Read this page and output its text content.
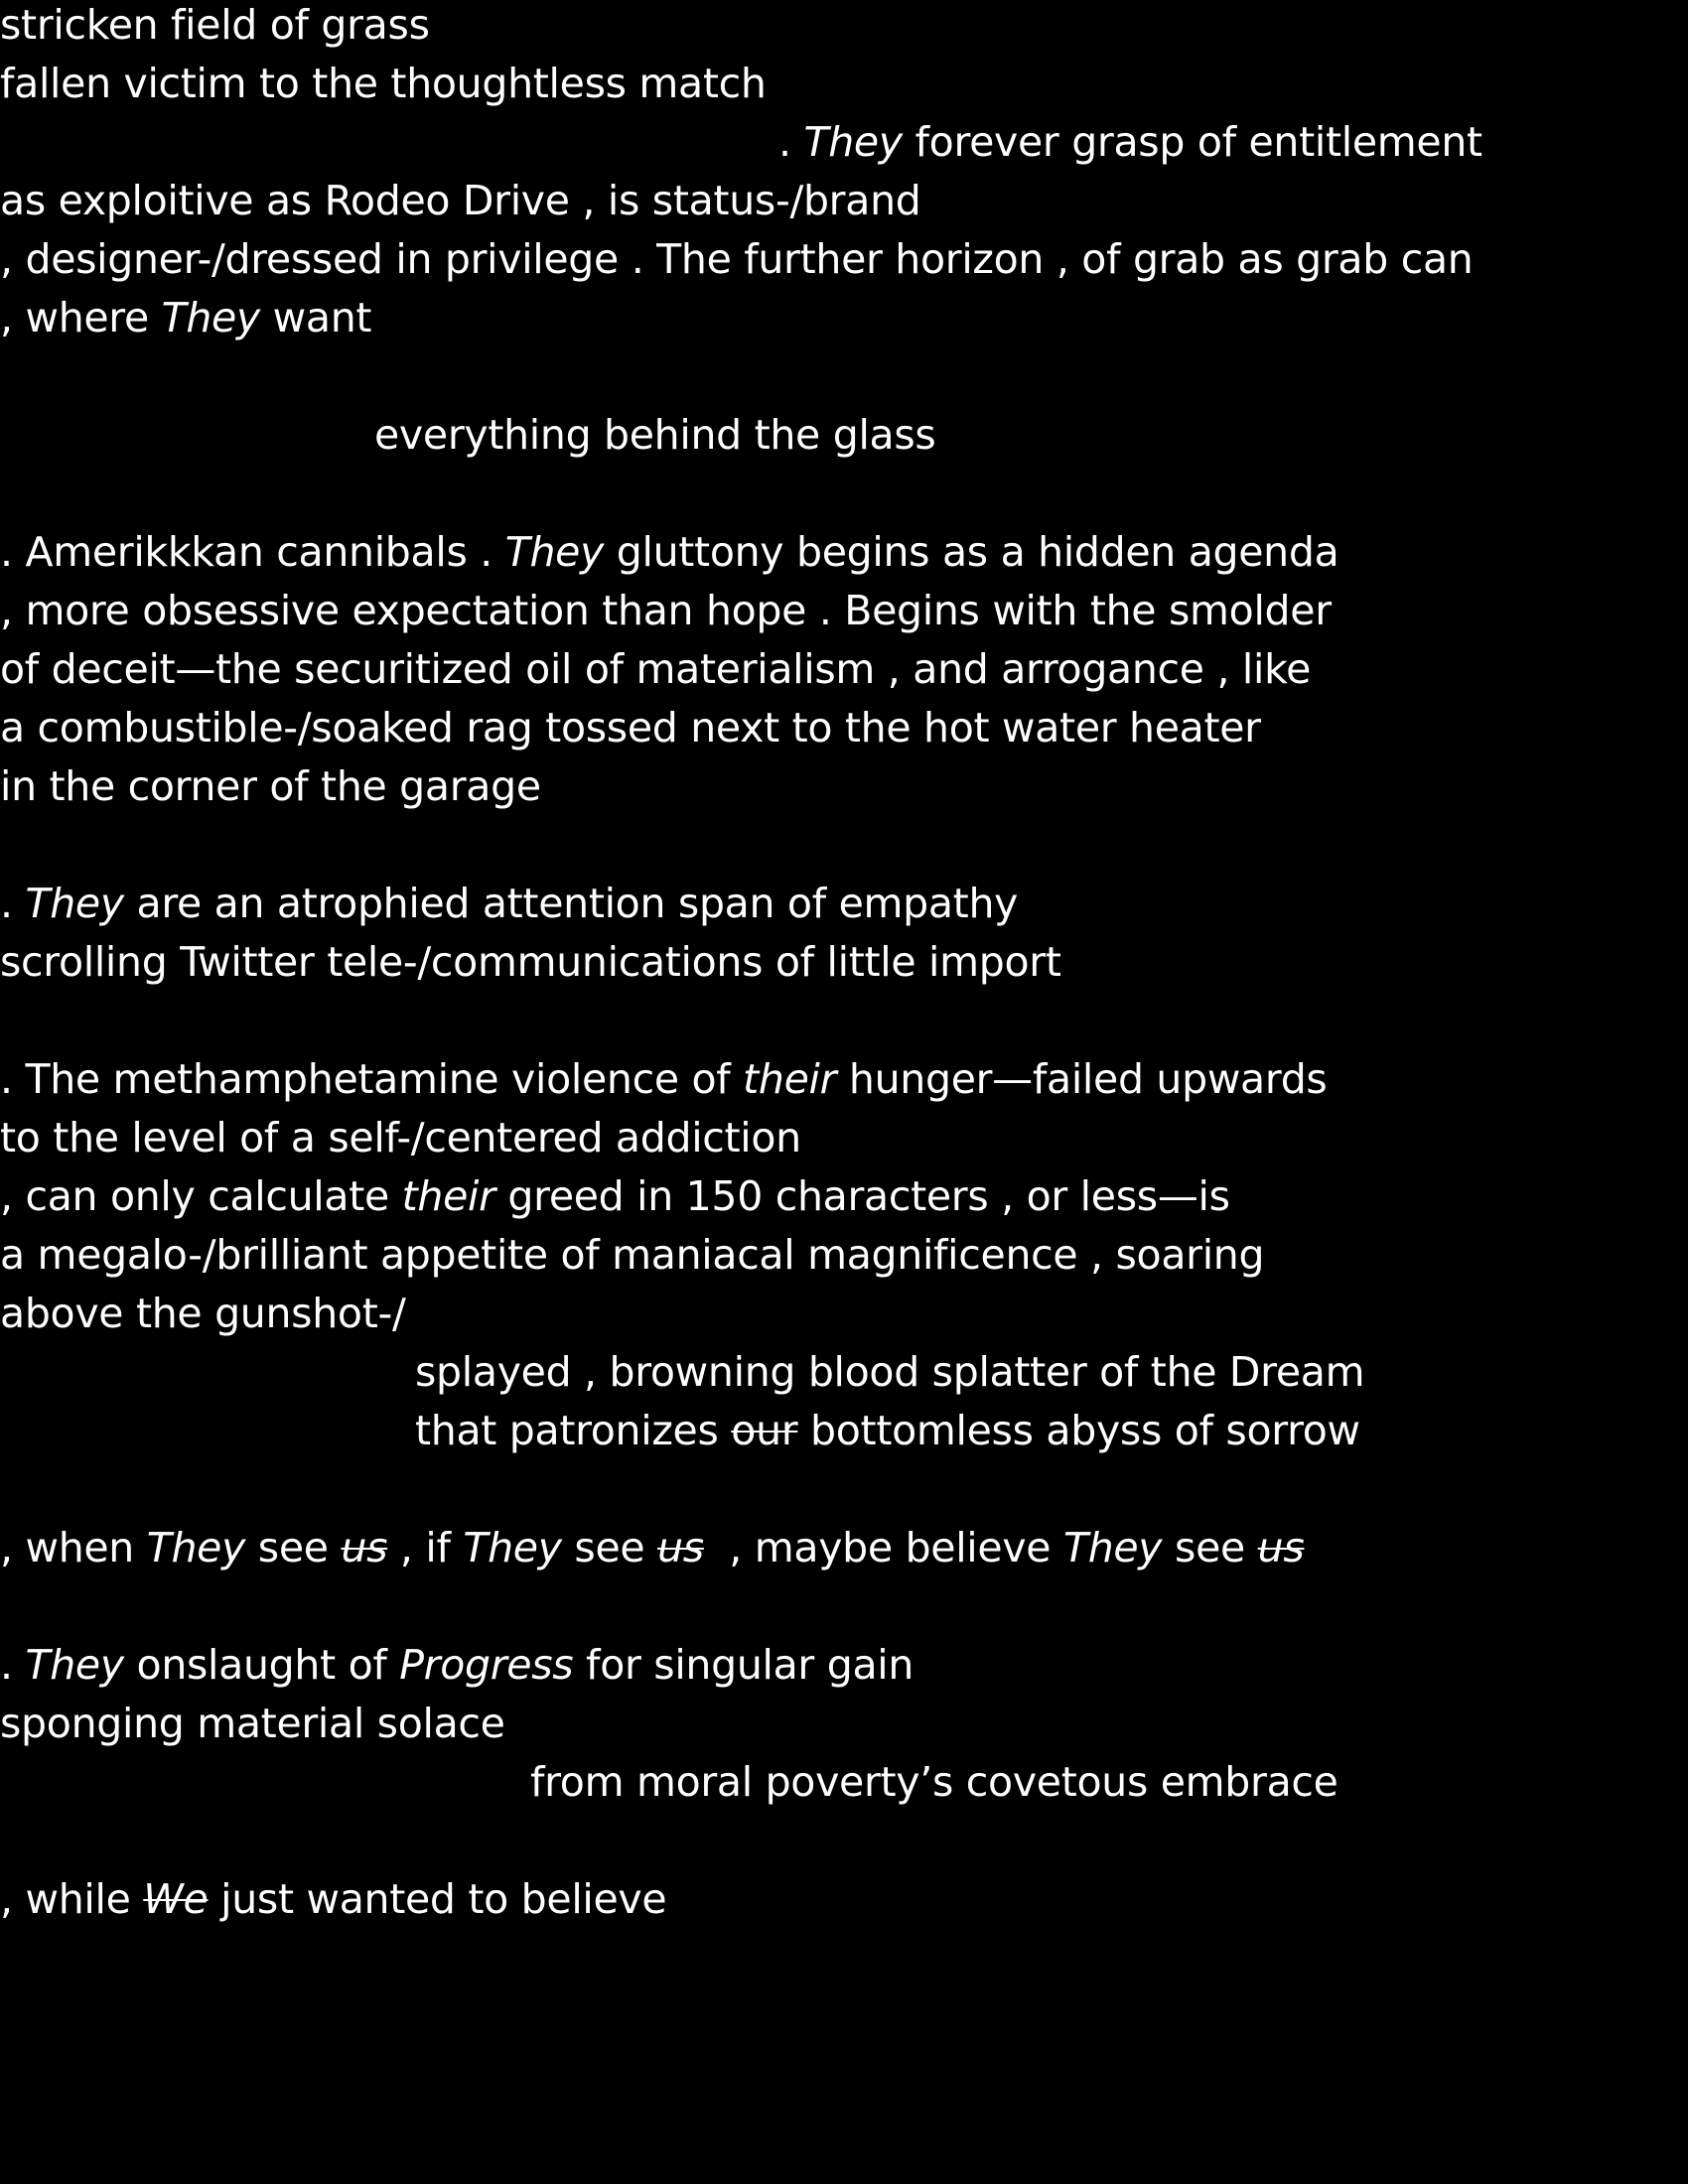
stricken field of grass
fallen victim to the thoughtless match
. They forever grasp of entitlement
as exploitive as Rodeo Drive , is status-/brand
, designer-/dressed in privilege . The further horizon , of grab as grab can
, where They want
everything behind the glass
. Amerikkkan cannibals . They gluttony begins as a hidden agenda
, more obsessive expectation than hope . Begins with the smolder
of deceit—the securitized oil of materialism , and arrogance , like
a combustible-/soaked rag tossed next to the hot water heater
in the corner of the garage
. They are an atrophied attention span of empathy
scrolling Twitter tele-/communications of little import
. The methamphetamine violence of their hunger—failed upwards
to the level of a self-/centered addiction
, can only calculate their greed in 150 characters , or less—is
a megalo-/brilliant appetite of maniacal magnificence , soaring
above the gunshot-/
splayed , browning blood splatter of the Dream
that patronizes our bottomless abyss of sorrow
, when They see us , if They see us  , maybe believe They see us
. They onslaught of Progress for singular gain
sponging material solace
from moral poverty’s covetous embrace
, while We just wanted to believe
